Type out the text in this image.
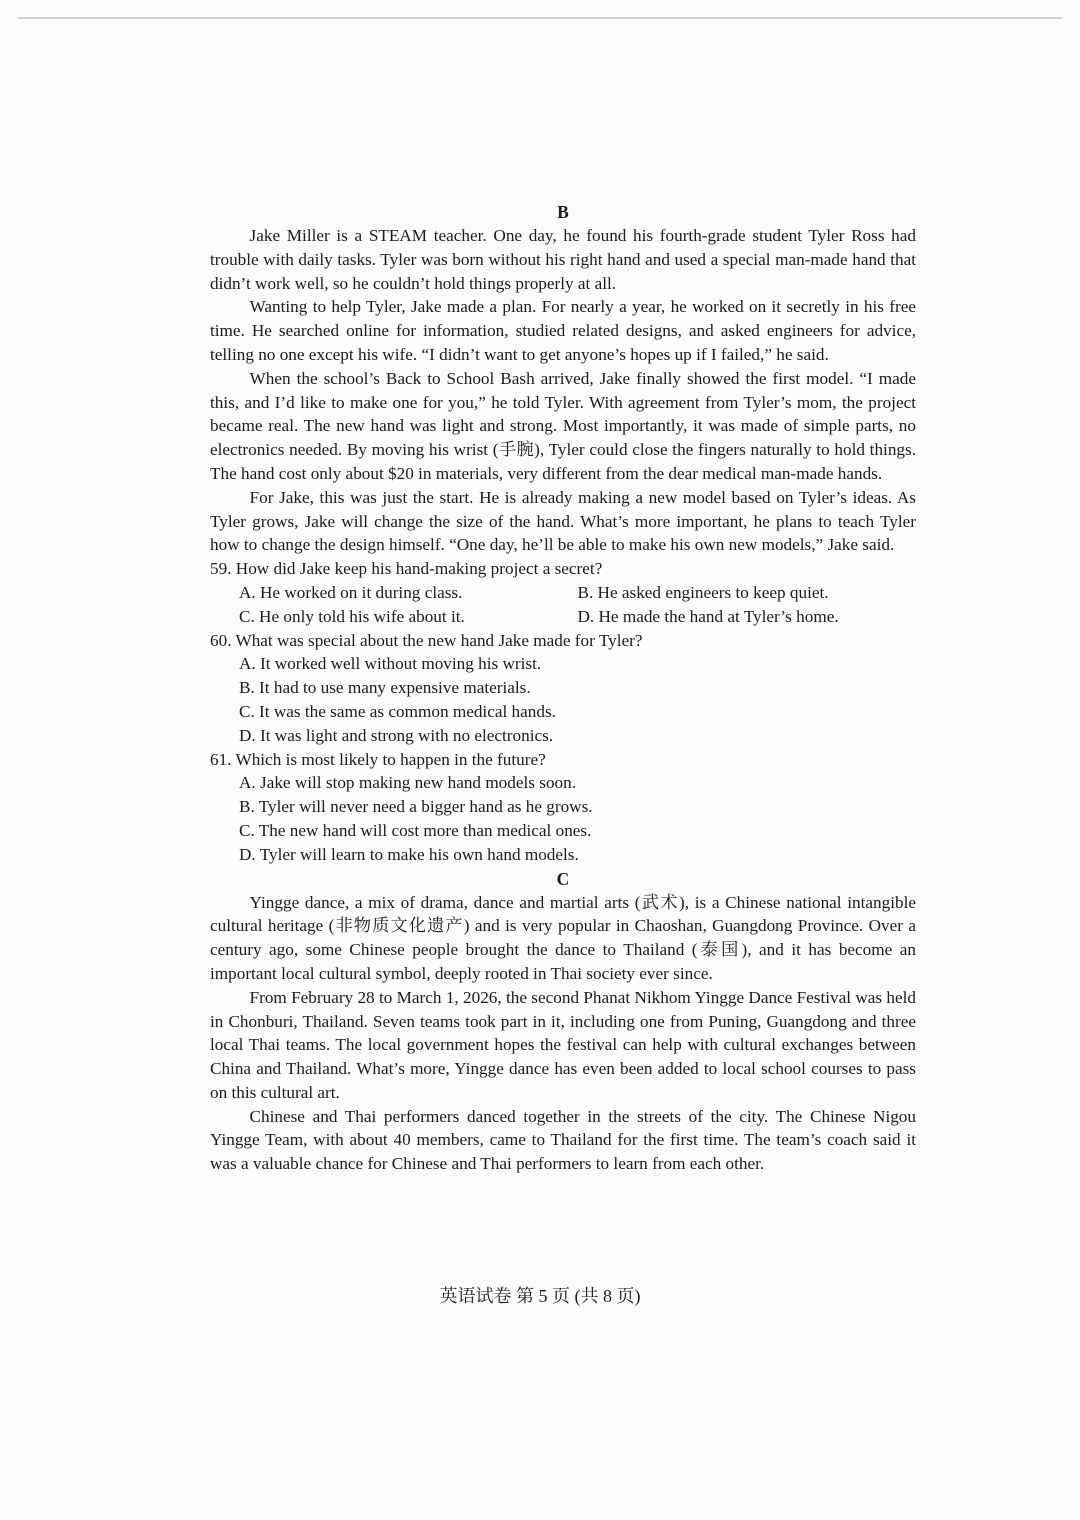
B

Jake Miller is a STEAM teacher. One day, he found his fourth-grade student Tyler Ross had trouble with daily tasks. Tyler was born without his right hand and used a special man-made hand that didn’t work well, so he couldn’t hold things properly at all.

Wanting to help Tyler, Jake made a plan. For nearly a year, he worked on it secretly in his free time. He searched online for information, studied related designs, and asked engineers for advice, telling no one except his wife. “I didn’t want to get anyone’s hopes up if I failed,” he said.

When the school’s Back to School Bash arrived, Jake finally showed the first model. “I made this, and I’d like to make one for you,” he told Tyler. With agreement from Tyler’s mom, the project became real. The new hand was light and strong. Most importantly, it was made of simple parts, no electronics needed. By moving his wrist (手腕), Tyler could close the fingers naturally to hold things. The hand cost only about $20 in materials, very different from the dear medical man-made hands.

For Jake, this was just the start. He is already making a new model based on Tyler’s ideas. As Tyler grows, Jake will change the size of the hand. What’s more important, he plans to teach Tyler how to change the design himself. “One day, he’ll be able to make his own new models,” Jake said.

59. How did Jake keep his hand-making project a secret?

A. He worked on it during class.	B. He asked engineers to keep quiet.
C. He only told his wife about it.	D. He made the hand at Tyler’s home.

60. What was special about the new hand Jake made for Tyler?

A. It worked well without moving his wrist.

B. It had to use many expensive materials.

C. It was the same as common medical hands.

D. It was light and strong with no electronics.

61. Which is most likely to happen in the future?

A. Jake will stop making new hand models soon.

B. Tyler will never need a bigger hand as he grows.

C. The new hand will cost more than medical ones.

D. Tyler will learn to make his own hand models.

C

Yingge dance, a mix of drama, dance and martial arts (武术), is a Chinese national intangible cultural heritage (非物质文化遗产) and is very popular in Chaoshan, Guangdong Province. Over a century ago, some Chinese people brought the dance to Thailand (泰国), and it has become an important local cultural symbol, deeply rooted in Thai society ever since.

From February 28 to March 1, 2026, the second Phanat Nikhom Yingge Dance Festival was held in Chonburi, Thailand. Seven teams took part in it, including one from Puning, Guangdong and three local Thai teams. The local government hopes the festival can help with cultural exchanges between China and Thailand. What’s more, Yingge dance has even been added to local school courses to pass on this cultural art.

Chinese and Thai performers danced together in the streets of the city. The Chinese Nigou Yingge Team, with about 40 members, came to Thailand for the first time. The team’s coach said it was a valuable chance for Chinese and Thai performers to learn from each other.

英语试卷 第 5 页 (共 8 页)
